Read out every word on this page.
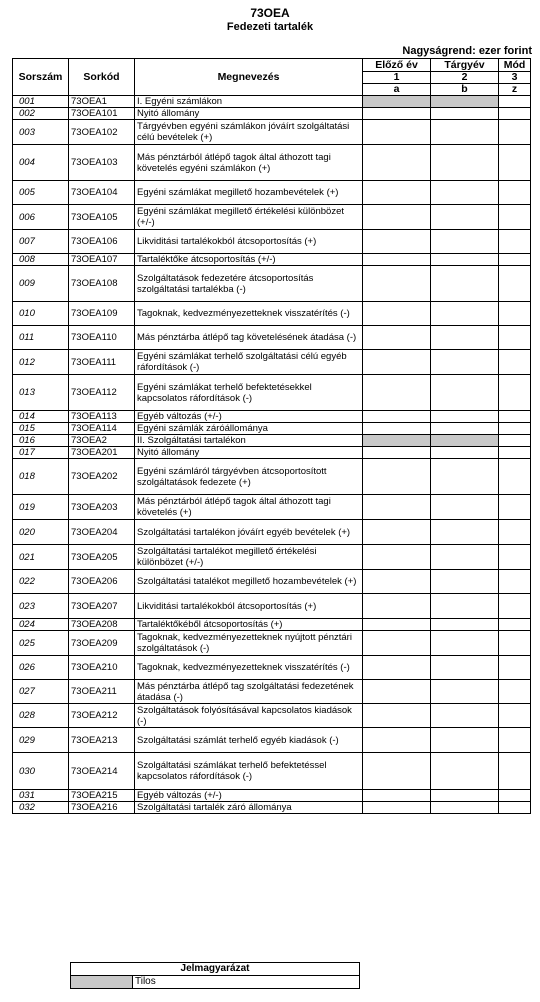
73OEA
Fedezeti tartalék
Nagyságrend: ezer forint
Sorszám	Sorkód	Megnevezés	Előző év	Tárgyév	Mód
			1	2	3
			a	b	z
001	73OEA1	I. Egyéni számlákon			
002	73OEA101	Nyitó állomány			
003	73OEA102	Tárgyévben egyéni számlákon jóváírt szolgáltatási célú bevételek (+)			
004	73OEA103	Más pénztárból átlépő tagok által áthozott tagi követelés egyéni számlákon (+)			
005	73OEA104	Egyéni számlákat megillető hozambevételek (+)			
006	73OEA105	Egyéni számlákat megillető értékelési különbözet (+/-)			
007	73OEA106	Likviditási tartalékokból átcsoportosítás (+)			
008	73OEA107	Tartaléktőke átcsoportosítás (+/-)			
009	73OEA108	Szolgáltatások fedezetére átcsoportosítás szolgáltatási tartalékba (-)			
010	73OEA109	Tagoknak, kedvezményezetteknek visszatérítés (-)			
011	73OEA110	Más pénztárba átlépő tag követelésének átadása (-)			
012	73OEA111	Egyéni számlákat terhelő szolgáltatási célú egyéb ráfordítások (-)			
013	73OEA112	Egyéni számlákat terhelő befektetésekkel kapcsolatos ráfordítások (-)			
014	73OEA113	Egyéb változás (+/-)			
015	73OEA114	Egyéni számlák záróállománya			
016	73OEA2	II. Szolgáltatási tartalékon			
017	73OEA201	Nyitó állomány			
018	73OEA202	Egyéni számláról tárgyévben átcsoportosított szolgáltatások fedezete (+)			
019	73OEA203	Más pénztárból átlépő tagok által áthozott tagi követelés (+)			
020	73OEA204	Szolgáltatási tartalékon jóváírt egyéb bevételek (+)			
021	73OEA205	Szolgáltatási tartalékot megillető értékelési különbözet (+/-)			
022	73OEA206	Szolgáltatási tatalékot megillető hozambevételek (+)			
023	73OEA207	Likviditási tartalékokból átcsoportosítás (+)			
024	73OEA208	Tartaléktőkéből átcsoportosítás (+)			
025	73OEA209	Tagoknak, kedvezményezetteknek nyújtott pénztári szolgáltatások (-)			
026	73OEA210	Tagoknak, kedvezményezetteknek visszatérítés (-)			
027	73OEA211	Más pénztárba átlépő tag szolgáltatási fedezetének átadása (-)			
028	73OEA212	Szolgáltatások folyósításával kapcsolatos kiadások (-)			
029	73OEA213	Szolgáltatási számlát terhelő egyéb kiadások (-)			
030	73OEA214	Szolgáltatási számlákat terhelő befektetéssel kapcsolatos ráfordítások (-)			
031	73OEA215	Egyéb változás (+/-)			
032	73OEA216	Szolgáltatási tartalék záró állománya			
Jelmagyarázat
	Tilos
